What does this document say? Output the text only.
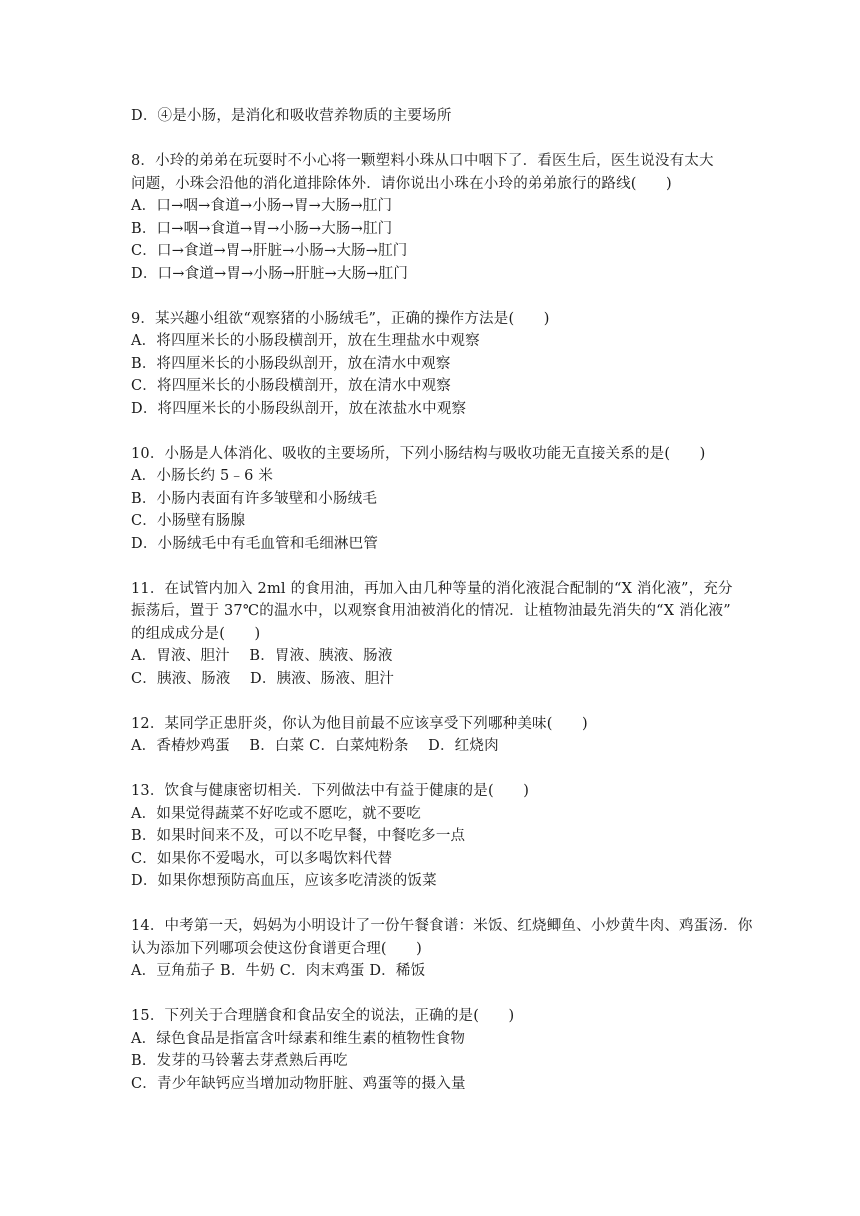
D．④是小肠，是消化和吸收营养物质的主要场所
8．小玲的弟弟在玩耍时不小心将一颗塑料小珠从口中咽下了．看医生后，医生说没有太大
问题，小珠会沿他的消化道排除体外．请你说出小珠在小玲的弟弟旅行的路线(　　)
A．口→咽→食道→小肠→胃→大肠→肛门
B．口→咽→食道→胃→小肠→大肠→肛门
C．口→食道→胃→肝脏→小肠→大肠→肛门
D．口→食道→胃→小肠→肝脏→大肠→肛门
9．某兴趣小组欲“观察猪的小肠绒毛”，正确的操作方法是(　　)
A．将四厘米长的小肠段横剖开，放在生理盐水中观察
B．将四厘米长的小肠段纵剖开，放在清水中观察
C．将四厘米长的小肠段横剖开，放在清水中观察
D．将四厘米长的小肠段纵剖开，放在浓盐水中观察
10．小肠是人体消化、吸收的主要场所，下列小肠结构与吸收功能无直接关系的是(　　)
A．小肠长约 5﹣6 米
B．小肠内表面有许多皱壁和小肠绒毛
C．小肠壁有肠腺
D．小肠绒毛中有毛血管和毛细淋巴管
11．在试管内加入 2ml 的食用油，再加入由几种等量的消化液混合配制的“X 消化液”，充分
振荡后，置于 37℃的温水中，以观察食用油被消化的情况．让植物油最先消失的“X 消化液”
的组成成分是(　　)
A．胃液、胆汁　 B．胃液、胰液、肠液
C．胰液、肠液　 D．胰液、肠液、胆汁
12．某同学正患肝炎，你认为他目前最不应该享受下列哪种美味(　　)
A．香椿炒鸡蛋　 B．白菜 C．白菜炖粉条　 D．红烧肉
13．饮食与健康密切相关．下列做法中有益于健康的是(　　)
A．如果觉得蔬菜不好吃或不愿吃，就不要吃
B．如果时间来不及，可以不吃早餐，中餐吃多一点
C．如果你不爱喝水，可以多喝饮料代替
D．如果你想预防高血压，应该多吃清淡的饭菜
14．中考第一天，妈妈为小明设计了一份午餐食谱：米饭、红烧鲫鱼、小炒黄牛肉、鸡蛋汤．你
认为添加下列哪项会使这份食谱更合理(　　)
A．豆角茄子 B．牛奶 C．肉末鸡蛋 D．稀饭
15．下列关于合理膳食和食品安全的说法，正确的是(　　)
A．绿色食品是指富含叶绿素和维生素的植物性食物
B．发芽的马铃薯去芽煮熟后再吃
C．青少年缺钙应当增加动物肝脏、鸡蛋等的摄入量
